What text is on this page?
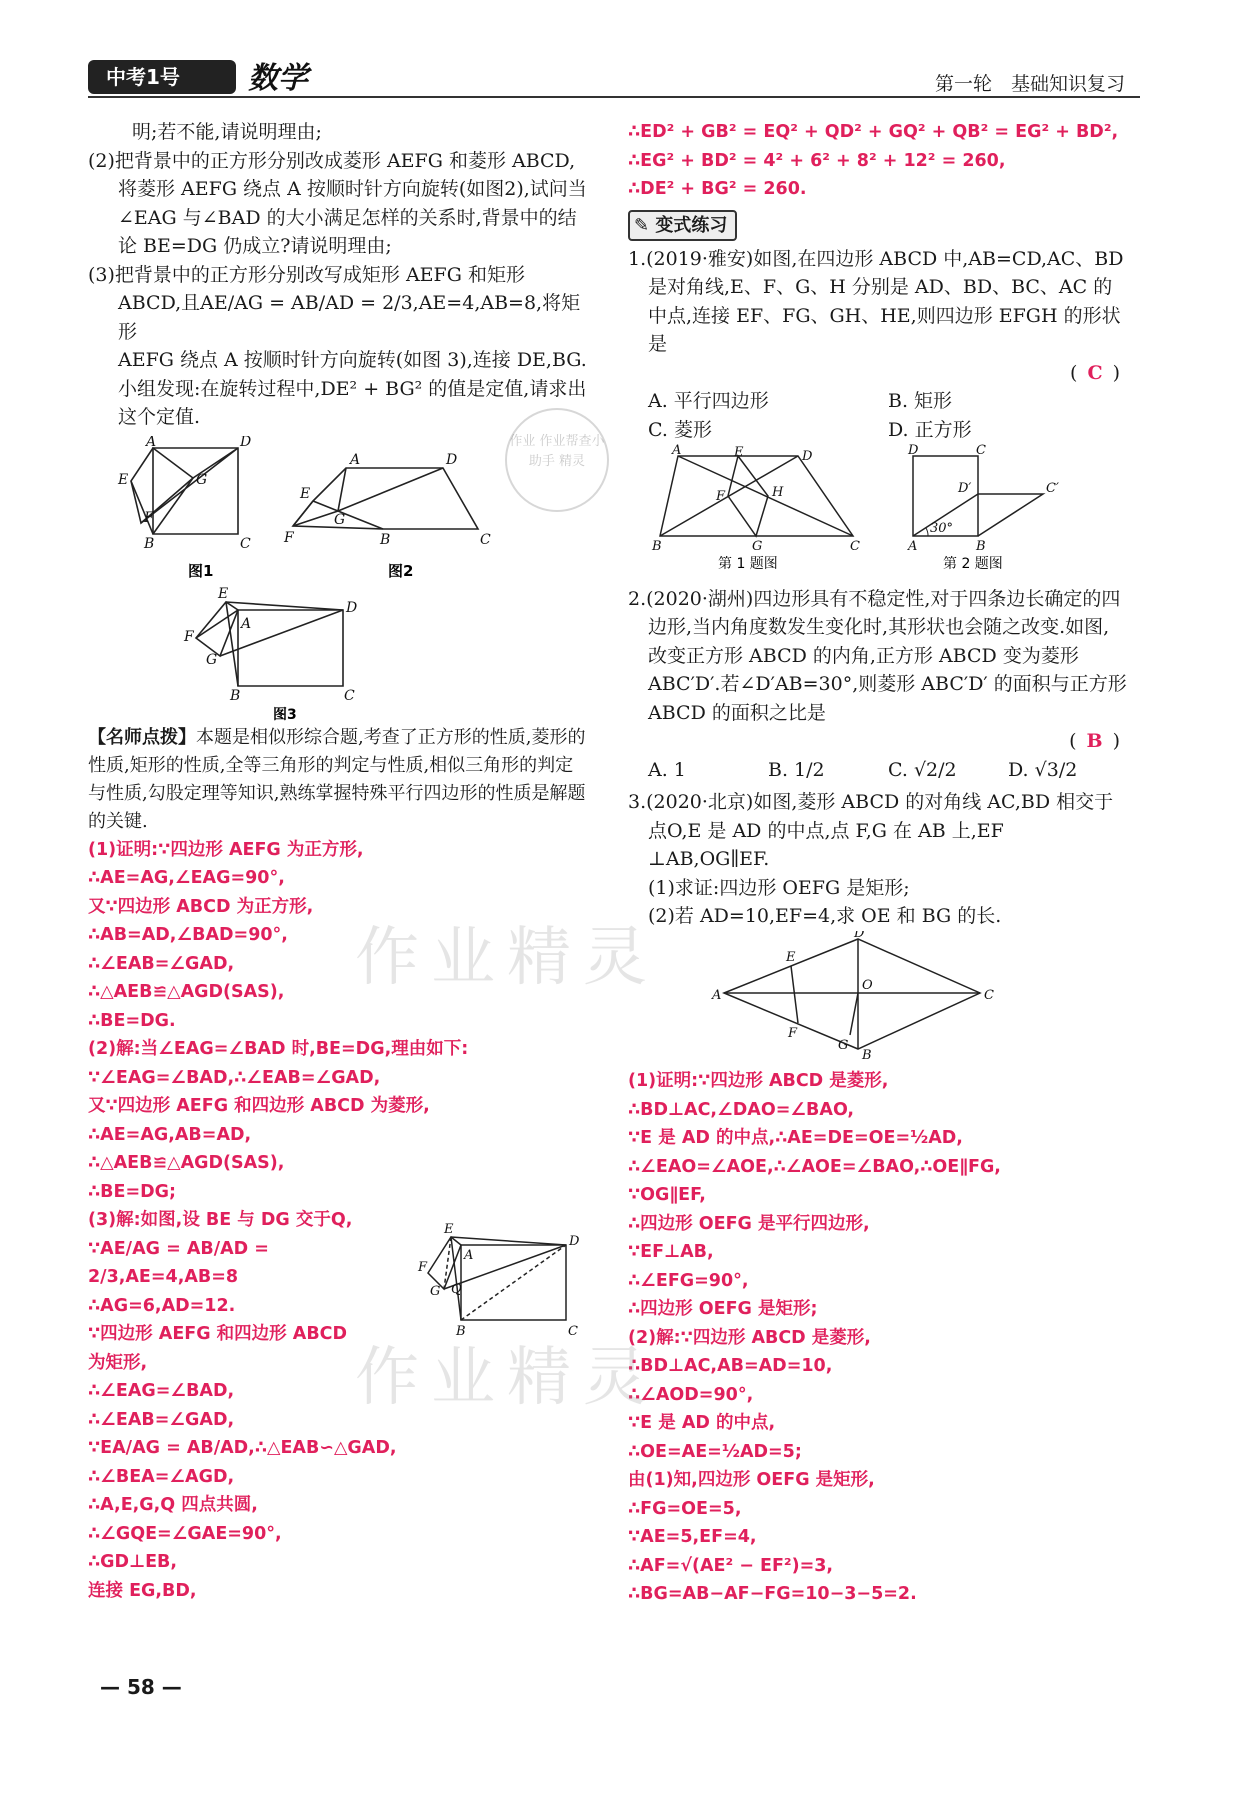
中考1号	数学	第一轮　基础知识复习

明;若不能,请说明理由;

(2)把背景中的正方形分别改成菱形 AEFG 和菱形 ABCD,将菱形 AEFG 绕点 A 按顺时针方向旋转(如图2),试问当∠EAG 与∠BAD 的大小满足怎样的关系时,背景中的结论 BE=DG 仍成立?请说明理由;

(3)把背景中的正方形分别改写成矩形 AEFG 和矩形

ABCD,且AE/AG = AB/AD = 2/3,AE=4,AB=8,将矩形

AEFG 绕点 A 按顺时针方向旋转(如图 3),连接 DE,BG.小组发现:在旋转过程中,DE² + BG² 的值是定值,请求出这个定值.

A	D
E	G
F
B	C
E
A	D
G
F	B	C
图1	图2
E
D
A
F
G
B	C
图3

【名师点拨】本题是相似形综合题,考查了正方形的性质,菱形的性质,矩形的性质,全等三角形的判定与性质,相似三角形的判定与性质,勾股定理等知识,熟练掌握特殊平行四边形的性质是解题的关键.

(1)证明:∵四边形 AEFG 为正方形,
∴AE=AG,∠EAG=90°,
又∵四边形 ABCD 为正方形,
∴AB=AD,∠BAD=90°,
∴∠EAB=∠GAD,
∴△AEB≌△AGD(SAS),
∴BE=DG.
(2)解:当∠EAG=∠BAD 时,BE=DG,理由如下:
∵∠EAG=∠BAD,∴∠EAB=∠GAD,
又∵四边形 AEFG 和四边形 ABCD 为菱形,
∴AE=AG,AB=AD,
∴△AEB≌△AGD(SAS),
∴BE=DG;
(3)解:如图,设 BE 与 DG 交于Q,
∵AE/AG = AB/AD = 2/3,AE=4,AB=8
∴AG=6,AD=12.
∵四边形 AEFG 和四边形 ABCD
为矩形,
∴∠EAG=∠BAD,
∴∠EAB=∠GAD,
∵EA/AG = AB/AD,∴△EAB∽△GAD,
∴∠BEA=∠AGD,
∴A,E,G,Q 四点共圆,
∴∠GQE=∠GAE=90°,
∴GD⊥EB,
连接 EG,BD,
E
D
A
F
G Q
B	C
— 58 —
∴ED² + GB² = EQ² + QD² + GQ² + QB² = EG² + BD²,
∴EG² + BD² = 4² + 6² + 8² + 12² = 260,
∴DE² + BG² = 260.
✎ 变式练习

1.(2019·雅安)如图,在四边形 ABCD 中,AB=CD,AC、BD 是对角线,E、F、G、H 分别是 AD、BD、BC、AC 的中点,连接 EF、FG、GH、HE,则四边形 EFGH 的形状是

( C )
A. 平行四边形	B. 矩形
C. 菱形	D. 正方形
A	E	D
F	H
B	G	C
D	C
D′	C′
30°
A	B
第 1 题图	第 2 题图

2.(2020·湖州)四边形具有不稳定性,对于四条边长确定的四边形,当内角度数发生变化时,其形状也会随之改变.如图,改变正方形 ABCD 的内角,正方形 ABCD 变为菱形 ABC′D′.若∠D′AB=30°,则菱形 ABC′D′ 的面积与正方形 ABCD 的面积之比是

( B )
A. 1	B. 1/2	C. √2/2	D. √3/2

3.(2020·北京)如图,菱形 ABCD 的对角线 AC,BD 相交于点O,E 是 AD 的中点,点 F,G 在 AB 上,EF ⊥AB,OG∥EF.

(1)求证:四边形 OEFG 是矩形;

(2)若 AD=10,EF=4,求 OE 和 BG 的长.

D
E
O
A	C
F
G
B
(1)证明:∵四边形 ABCD 是菱形,
∴BD⊥AC,∠DAO=∠BAO,
∵E 是 AD 的中点,∴AE=DE=OE=½AD,
∴∠EAO=∠AOE,∴∠AOE=∠BAO,∴OE∥FG,
∵OG∥EF,
∴四边形 OEFG 是平行四边形,
∵EF⊥AB,
∴∠EFG=90°,
∴四边形 OEFG 是矩形;
(2)解:∵四边形 ABCD 是菱形,
∴BD⊥AC,AB=AD=10,
∴∠AOD=90°,
∵E 是 AD 的中点,
∴OE=AE=½AD=5;
由(1)知,四边形 OEFG 是矩形,
∴FG=OE=5,
∵AE=5,EF=4,
∴AF=√(AE² − EF²)=3,
∴BG=AB−AF−FG=10−3−5=2.
作业精灵
作业精灵
作业 作业帮查小助手 精灵
